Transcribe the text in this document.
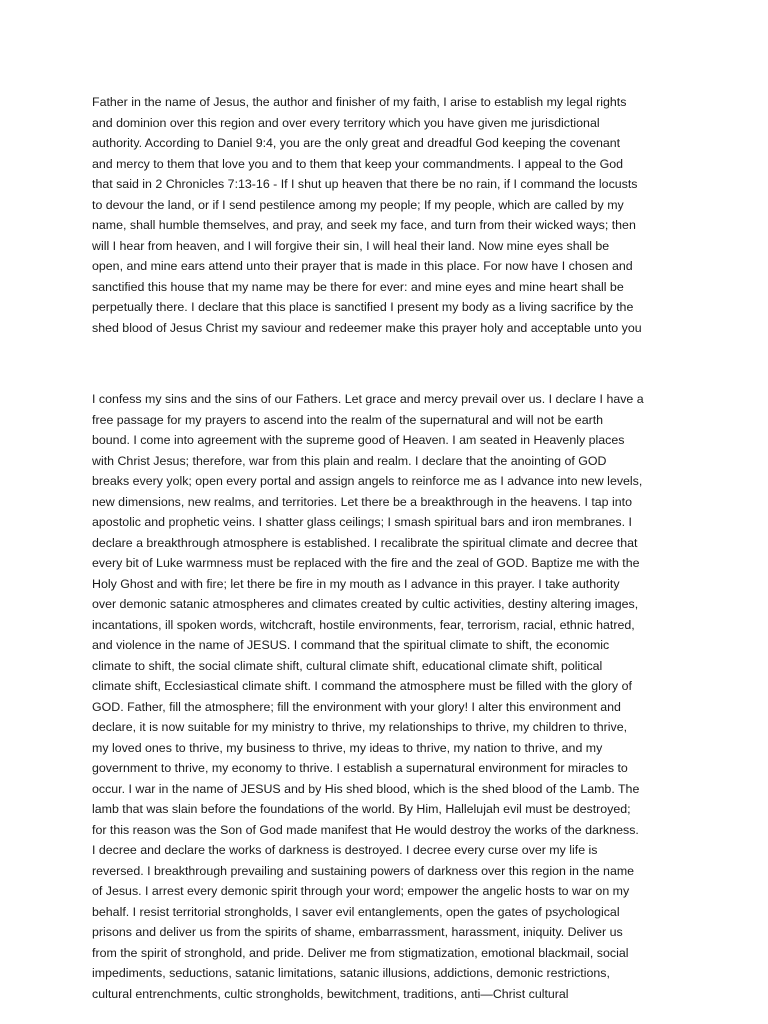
Father in the name of Jesus, the author and finisher of my faith, I arise to establish my legal rights
and dominion over this region and over every territory which you have given me jurisdictional
authority. According to Daniel 9:4, you are the only great and dreadful God keeping the covenant
and mercy to them that love you and to them that keep your commandments. I appeal to the God
that said in 2 Chronicles 7:13-16 - If I shut up heaven that there be no rain, if I command the locusts
to devour the land, or if I send pestilence among my people; If my people, which are called by my
name, shall humble themselves, and pray, and seek my face, and turn from their wicked ways; then
will I hear from heaven, and I will forgive their sin, I will heal their land. Now mine eyes shall be
open, and mine ears attend unto their prayer that is made in this place. For now have I chosen and
sanctified this house that my name may be there for ever: and mine eyes and mine heart shall be
perpetually there. I declare that this place is sanctified I present my body as a living sacrifice by the
shed blood of Jesus Christ my saviour and redeemer make this prayer holy and acceptable unto you
I confess my sins and the sins of our Fathers. Let grace and mercy prevail over us. I declare I have a
free passage for my prayers to ascend into the realm of the supernatural and will not be earth
bound. I come into agreement with the supreme good of Heaven. I am seated in Heavenly places
with Christ Jesus; therefore, war from this plain and realm. I declare that the anointing of GOD
breaks every yolk; open every portal and assign angels to reinforce me as I advance into new levels,
new dimensions, new realms, and territories. Let there be a breakthrough in the heavens. I tap into
apostolic and prophetic veins. I shatter glass ceilings; I smash spiritual bars and iron membranes. I
declare a breakthrough atmosphere is established. I recalibrate the spiritual climate and decree that
every bit of Luke warmness must be replaced with the fire and the zeal of GOD. Baptize me with the
Holy Ghost and with fire; let there be fire in my mouth as I advance in this prayer. I take authority
over demonic satanic atmospheres and climates created by cultic activities, destiny altering images,
incantations, ill spoken words, witchcraft, hostile environments, fear, terrorism, racial, ethnic hatred,
and violence in the name of JESUS. I command that the spiritual climate to shift, the economic
climate to shift, the social climate shift, cultural climate shift, educational climate shift, political
climate shift, Ecclesiastical climate shift. I command the atmosphere must be filled with the glory of
GOD. Father, fill the atmosphere; fill the environment with your glory! I alter this environment and
declare, it is now suitable for my ministry to thrive, my relationships to thrive, my children to thrive,
my loved ones to thrive, my business to thrive, my ideas to thrive, my nation to thrive, and my
government to thrive, my economy to thrive. I establish a supernatural environment for miracles to
occur. I war in the name of JESUS and by His shed blood, which is the shed blood of the Lamb. The
lamb that was slain before the foundations of the world. By Him, Hallelujah evil must be destroyed;
for this reason was the Son of God made manifest that He would destroy the works of the darkness.
I decree and declare the works of darkness is destroyed. I decree every curse over my life is
reversed. I breakthrough prevailing and sustaining powers of darkness over this region in the name
of Jesus. I arrest every demonic spirit through your word; empower the angelic hosts to war on my
behalf. I resist territorial strongholds, I saver evil entanglements, open the gates of psychological
prisons and deliver us from the spirits of shame, embarrassment, harassment, iniquity. Deliver us
from the spirit of stronghold, and pride. Deliver me from stigmatization, emotional blackmail, social
impediments, seductions, satanic limitations, satanic illusions, addictions, demonic restrictions,
cultural entrenchments, cultic strongholds, bewitchment, traditions, anti—Christ cultural
